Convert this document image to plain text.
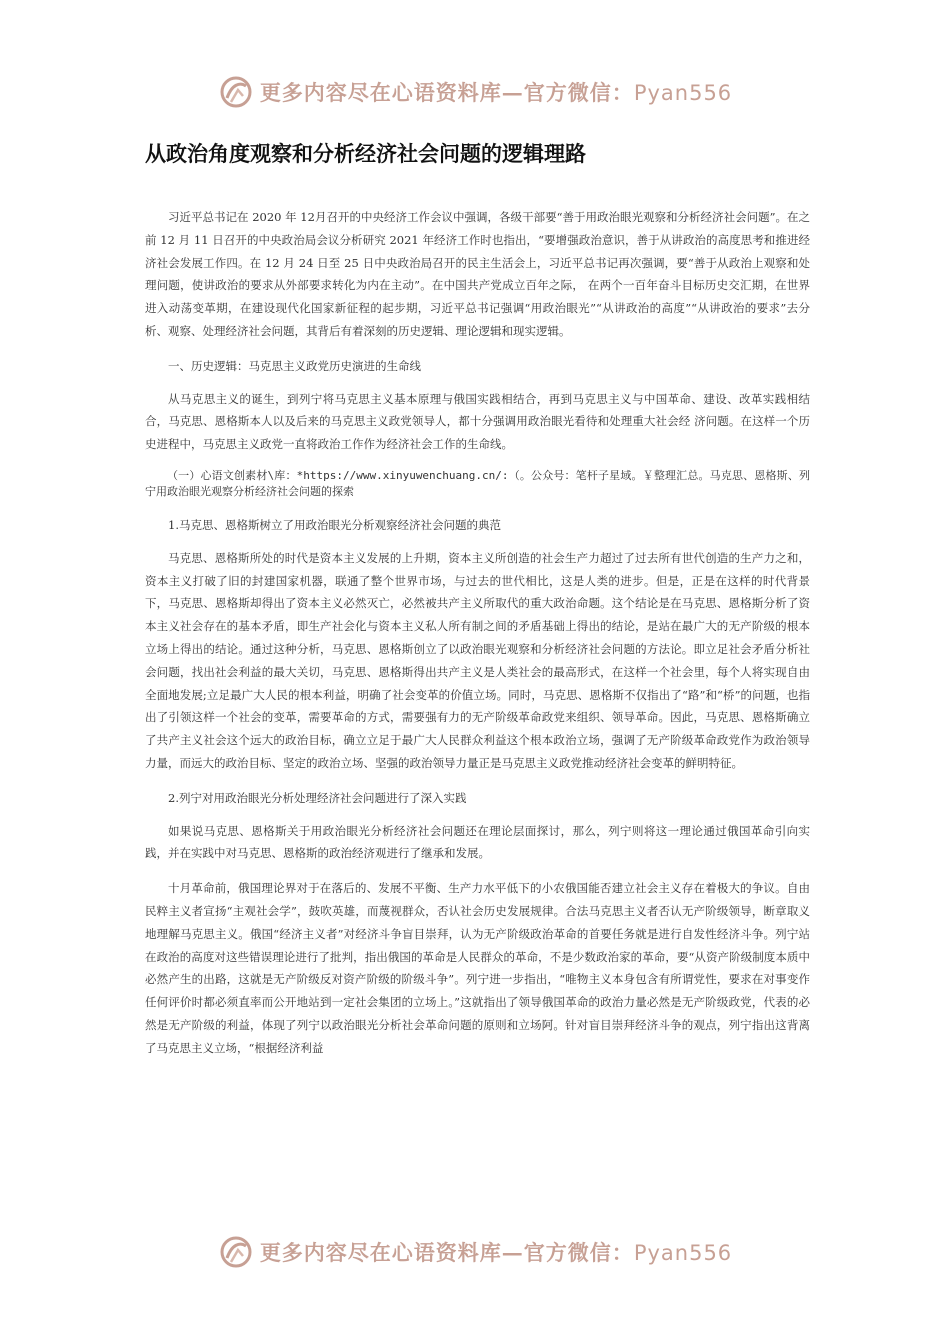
更多内容尽在心语资料库—官方微信：Pyan556
从政治角度观察和分析经济社会问题的逻辑理路

习近平总书记在 2020 年 12月召开的中央经济工作会议中强调，各级干部要“善于用政治眼光观察和分析经济社会问题”。在之前 12 月 11 日召开的中央政治局会议分析研究 2021 年经济工作时也指出，“要增强政治意识，善于从讲政治的高度思考和推进经济社会发展工作四。在 12 月 24 日至 25 日中央政治局召开的民主生活会上，习近平总书记再次强调，要“善于从政治上观察和处理问题，使讲政治的要求从外部要求转化为内在主动”。在中国共产党成立百年之际， 在两个一百年奋斗目标历史交汇期，在世界进入动荡变革期，在建设现代化国家新征程的起步期，习近平总书记强调“用政治眼光”“从讲政治的高度”“从讲政治的要求”去分析、观察、处理经济社会问题，其背后有着深刻的历史逻辑、理论逻辑和现实逻辑。

一、历史逻辑：马克思主义政党历史演进的生命线

从马克思主义的诞生，到列宁将马克思主义基本原理与俄国实践相结合，再到马克思主义与中国革命、建设、改革实践相结合，马克思、恩格斯本人以及后来的马克思主义政党领导人，都十分强调用政治眼光看待和处理重大社会经 济问题。在这样一个历史进程中，马克思主义政党一直将政治工作作为经济社会工作的生命线。

（一）心语文创素材\库：*https://www.xinyuwenchuang.cn/:（。公众号：笔杆子星域。￥整理汇总。马克思、恩格斯、列宁用政治眼光观察分析经济社会问题的探索

1.马克思、恩格斯树立了用政治眼光分析观察经济社会问题的典范

马克思、恩格斯所处的时代是资本主义发展的上升期，资本主义所创造的社会生产力超过了过去所有世代创造的生产力之和，资本主义打破了旧的封建国家机器，联通了整个世界市场，与过去的世代相比，这是人类的进步。但是，正是在这样的时代背景下，马克思、恩格斯却得出了资本主义必然灭亡，必然被共产主义所取代的重大政治命题。这个结论是在马克思、恩格斯分析了资本主义社会存在的基本矛盾，即生产社会化与资本主义私人所有制之间的矛盾基础上得出的结论，是站在最广大的无产阶级的根本立场上得出的结论。通过这种分析，马克思、恩格斯创立了以政治眼光观察和分析经济社会问题的方法论。即立足社会矛盾分析社会问题，找出社会利益的最大关切，马克思、恩格斯得出共产主义是人类社会的最高形式，在这样一个社会里，每个人将实现自由全面地发展;立足最广大人民的根本利益，明确了社会变革的价值立场。同时，马克思、恩格斯不仅指出了“路”和“桥”的问题，也指出了引领这样一个社会的变革，需要革命的方式，需要强有力的无产阶级革命政党来组织、领导革命。因此，马克思、恩格斯确立了共产主义社会这个远大的政治目标，确立立足于最广大人民群众利益这个根本政治立场，强调了无产阶级革命政党作为政治领导力量，而远大的政治目标、坚定的政治立场、坚强的政治领导力量正是马克思主义政党推动经济社会变革的鲜明特征。

2.列宁对用政治眼光分析处理经济社会问题进行了深入实践

如果说马克思、恩格斯关于用政治眼光分析经济社会问题还在理论层面探讨，那么，列宁则将这一理论通过俄国革命引向实践，并在实践中对马克思、恩格斯的政治经济观进行了继承和发展。

十月革命前，俄国理论界对于在落后的、发展不平衡、生产力水平低下的小农俄国能否建立社会主义存在着极大的争议。自由民粹主义者宣扬“主观社会学”，鼓吹英雄，而蔑视群众，否认社会历史发展规律。合法马克思主义者否认无产阶级领导，断章取义地理解马克思主义。俄国“经济主义者”对经济斗争盲目崇拜，认为无产阶级政治革命的首要任务就是进行自发性经济斗争。列宁站在政治的高度对这些错误理论进行了批判，指出俄国的革命是人民群众的革命，不是少数政治家的革命，要“从资产阶级制度本质中必然产生的出路，这就是无产阶级反对资产阶级的阶级斗争”。列宁进一步指出，“唯物主义本身包含有所谓党性，要求在对事变作任何评价时都必须直率而公开地站到一定社会集团的立场上。”这就指出了领导俄国革命的政治力量必然是无产阶级政党，代表的必然是无产阶级的利益，体现了列宁以政治眼光分析社会革命问题的原则和立场阿。针对盲目崇拜经济斗争的观点，列宁指出这背离了马克思主义立场，“根据经济利益

更多内容尽在心语资料库—官方微信：Pyan556
